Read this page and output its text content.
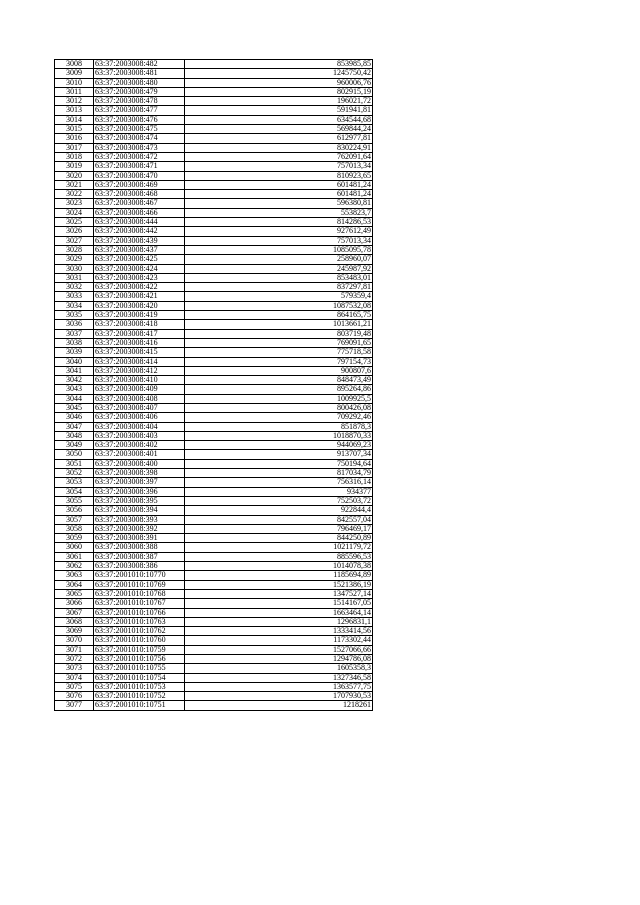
3008	63:37:2003008:482	853985,85
3009	63:37:2003008:481	1245750,42
3010	63:37:2003008:480	960006,76
3011	63:37:2003008:479	802915,19
3012	63:37:2003008:478	196021,72
3013	63:37:2003008:477	591941,81
3014	63:37:2003008:476	634544,68
3015	63:37:2003008:475	569844,24
3016	63:37:2003008:474	612977,81
3017	63:37:2003008:473	830224,91
3018	63:37:2003008:472	762091,64
3019	63:37:2003008:471	757013,34
3020	63:37:2003008:470	810923,65
3021	63:37:2003008:469	601481,24
3022	63:37:2003008:468	601481,24
3023	63:37:2003008:467	596380,81
3024	63:37:2003008:466	553823,7
3025	63:37:2003008:444	814286,53
3026	63:37:2003008:442	927612,49
3027	63:37:2003008:439	757013,34
3028	63:37:2003008:437	1085095,78
3029	63:37:2003008:425	258960,07
3030	63:37:2003008:424	245987,92
3031	63:37:2003008:423	853483,01
3032	63:37:2003008:422	837297,81
3033	63:37:2003008:421	579359,4
3034	63:37:2003008:420	1087532,08
3035	63:37:2003008:419	864165,75
3036	63:37:2003008:418	1013661,21
3037	63:37:2003008:417	803719,48
3038	63:37:2003008:416	769091,65
3039	63:37:2003008:415	775718,58
3040	63:37:2003008:414	797154,73
3041	63:37:2003008:412	900807,6
3042	63:37:2003008:410	848473,49
3043	63:37:2003008:409	895264,86
3044	63:37:2003008:408	1009925,5
3045	63:37:2003008:407	800426,08
3046	63:37:2003008:406	709292,46
3047	63:37:2003008:404	851878,3
3048	63:37:2003008:403	1018870,33
3049	63:37:2003008:402	944069,23
3050	63:37:2003008:401	913707,34
3051	63:37:2003008:400	750194,64
3052	63:37:2003008:398	817034,79
3053	63:37:2003008:397	756316,14
3054	63:37:2003008:396	934377
3055	63:37:2003008:395	752503,72
3056	63:37:2003008:394	922844,4
3057	63:37:2003008:393	842557,04
3058	63:37:2003008:392	796469,17
3059	63:37:2003008:391	844250,89
3060	63:37:2003008:388	1021179,72
3061	63:37:2003008:387	885596,53
3062	63:37:2003008:386	1014078,38
3063	63:37:2001010:10770	1185694,89
3064	63:37:2001010:10769	1521386,19
3065	63:37:2001010:10768	1347527,14
3066	63:37:2001010:10767	1514167,05
3067	63:37:2001010:10766	1663464,14
3068	63:37:2001010:10763	1296831,1
3069	63:37:2001010:10762	1333414,56
3070	63:37:2001010:10760	1173302,44
3071	63:37:2001010:10759	1527066,66
3072	63:37:2001010:10756	1294786,08
3073	63:37:2001010:10755	1605358,3
3074	63:37:2001010:10754	1327346,58
3075	63:37:2001010:10753	1363577,75
3076	63:37:2001010:10752	1707930,53
3077	63:37:2001010:10751	1218261
